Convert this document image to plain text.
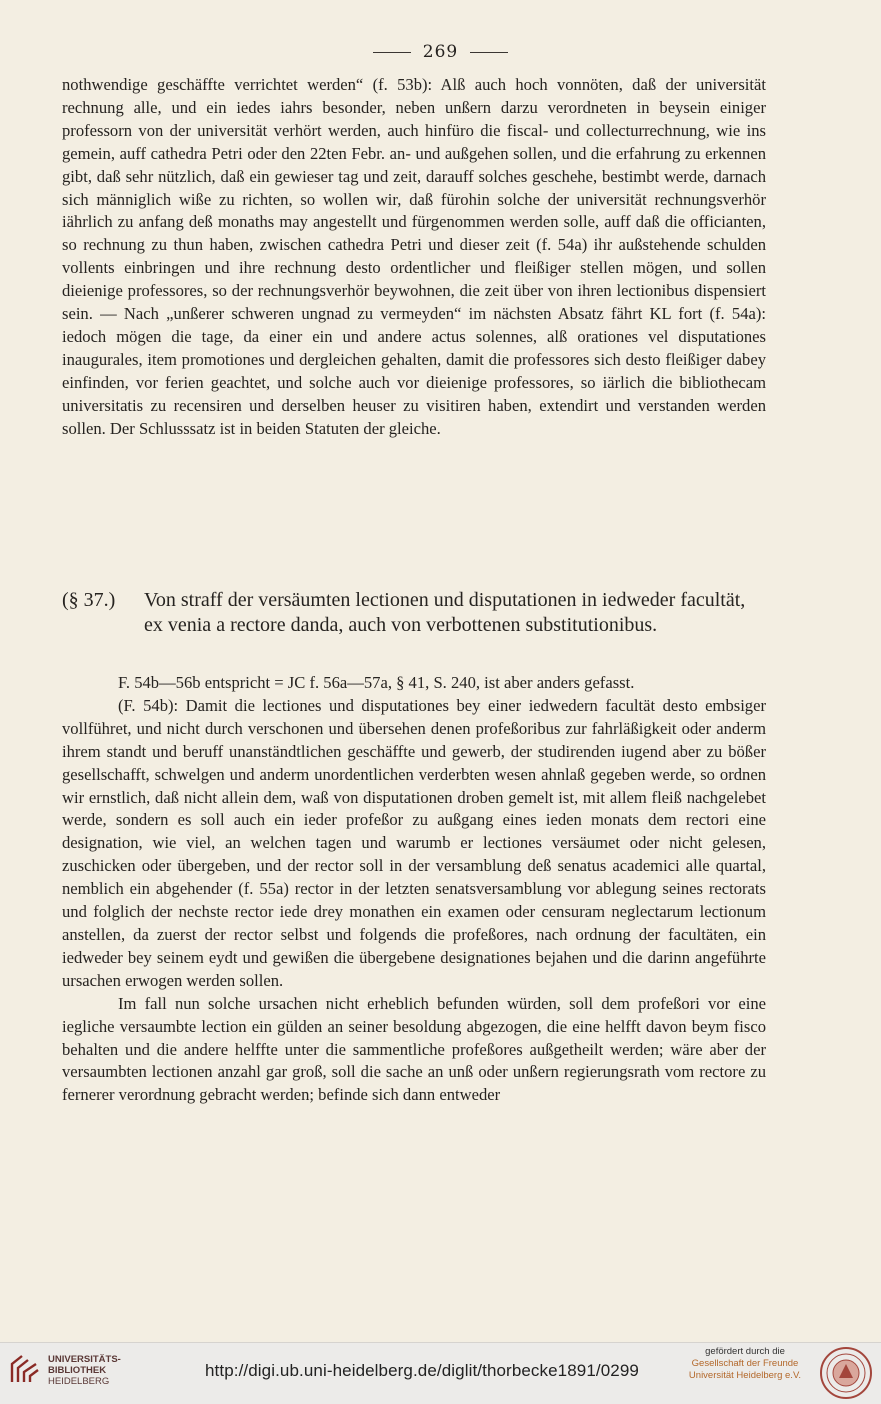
269

nothwendige geschäffte verrichtet werden“ (f. 53b): Alß auch hoch vonnöten, daß der universität rechnung alle, und ein iedes iahrs besonder, neben unßern darzu verordneten in beysein einiger professorn von der universität verhört werden, auch hinfüro die fiscal- und collecturrechnung, wie ins gemein, auff cathedra Petri oder den 22ten Febr. an- und außgehen sollen, und die erfahrung zu erkennen gibt, daß sehr nützlich, daß ein gewieser tag und zeit, darauff solches geschehe, bestimbt werde, darnach sich männiglich wiße zu richten, so wollen wir, daß fürohin solche der universität rechnungsverhör iährlich zu anfang deß monaths may angestellt und fürgenommen werden solle, auff daß die officianten, so rechnung zu thun haben, zwischen cathedra Petri und dieser zeit (f. 54a) ihr außstehende schulden vollents einbringen und ihre rechnung desto ordentlicher und fleißiger stellen mögen, und sollen dieienige professores, so der rechnungsverhör beywohnen, die zeit über von ihren lectionibus dispensiert sein. — Nach „unßerer schweren ungnad zu vermeyden“ im nächsten Absatz fährt KL fort (f. 54a): iedoch mögen die tage, da einer ein und andere actus solennes, alß orationes vel disputationes inaugurales, item promotiones und dergleichen gehalten, damit die professores sich desto fleißiger dabey einfinden, vor ferien geachtet, und solche auch vor dieienige professores, so iärlich die bibliothecam universitatis zu recensiren und derselben heuser zu visitiren haben, extendirt und verstanden werden sollen. Der Schlusssatz ist in beiden Statuten der gleiche.

(§ 37.)	Von straff der versäumten lectionen und disputationen in iedweder facultät, ex venia a rectore danda, auch von verbottenen substitutionibus.

F. 54b—56b entspricht = JC f. 56a—57a, § 41, S. 240, ist aber anders gefasst.

(F. 54b): Damit die lectiones und disputationes bey einer iedwedern facultät desto embsiger vollführet, und nicht durch verschonen und übersehen denen profeßoribus zur fahrläßigkeit oder anderm ihrem standt und beruff unanständtlichen geschäffte und gewerb, der studirenden iugend aber zu bößer gesellschafft, schwelgen und anderm unordentlichen verderbten wesen ahnlaß gegeben werde, so ordnen wir ernstlich, daß nicht allein dem, waß von disputationen droben gemelt ist, mit allem fleiß nachgelebet werde, sondern es soll auch ein ieder profeßor zu außgang eines ieden monats dem rectori eine designation, wie viel, an welchen tagen und warumb er lectiones versäumet oder nicht gelesen, zuschicken oder übergeben, und der rector soll in der versamblung deß senatus academici alle quartal, nemblich ein abgehender (f. 55a) rector in der letzten senatsversamblung vor ablegung seines rectorats und folglich der nechste rector iede drey monathen ein examen oder censuram neglectarum lectionum anstellen, da zuerst der rector selbst und folgends die profeßores, nach ordnung der facultäten, ein iedweder bey seinem eydt und gewißen die übergebene designationes bejahen und die darinn angeführte ursachen erwogen werden sollen.

Im fall nun solche ursachen nicht erheblich befunden würden, soll dem profeßori vor eine iegliche versaumbte lection ein gülden an seiner besoldung abgezogen, die eine helfft davon beym fisco behalten und die andere helffte unter die sammentliche profeßores außgetheilt werden; wäre aber der versaumbten lectionen anzahl gar groß, soll die sache an unß oder unßern regierungsrath vom rectore zu fernerer verordnung gebracht werden; befinde sich dann entweder

UNIVERSITÄTS-
BIBLIOTHEK
HEIDELBERG
http://digi.ub.uni-heidelberg.de/diglit/thorbecke1891/0299
gefördert durch die

Gesellschaft der Freunde
Universität Heidelberg e.V.
